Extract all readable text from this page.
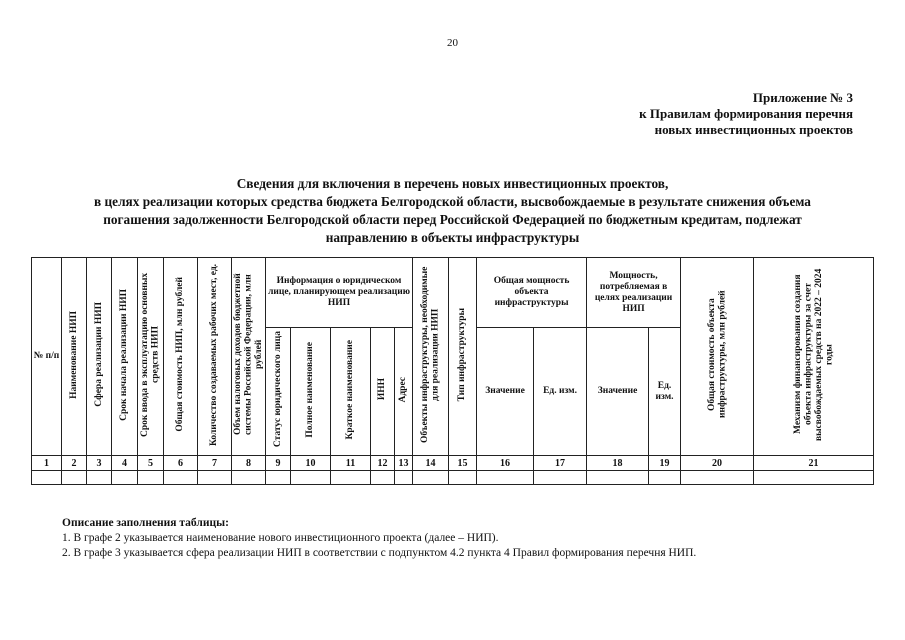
20
Приложение № 3
к Правилам формирования перечня
новых инвестиционных проектов
Сведения для включения в перечень новых инвестиционных проектов,
в целях реализации которых средства бюджета Белгородской области, высвобождаемые в результате снижения объема
погашения задолженности Белгородской области перед Российской Федерацией по бюджетным кредитам, подлежат
направлению в объекты инфраструктуры
№ п/п	Наименование НИП	Сфера реализации НИП	Срок начала реализации НИП	Срок ввода в эксплуатацию основных средств НИП	Общая стоимость НИП, млн рублей	Количество создаваемых рабочих мест, ед.	Объем налоговых доходов бюджетной системы Российской Федерации, млн рублей	Информация о юридическом лице, планирующем реализацию НИП					Объекты инфраструктуры, необходимые для реализации НИП	Тип инфраструктуры	Общая мощность объекта инфраструктуры		Мощность, потребляемая в целях реализации НИП		Общая стоимость объекта инфраструктуры, млн рублей	Механизм финансирования создания объекта инфраструктуры за счет высвобождаемых средств на 2022 – 2024 годы
								Статус юридического лица	Полное наименование	Краткое наименование	ИНН	Адрес			Значение	Ед. изм.	Значение	Ед. изм.		
1	2	3	4	5	6	7	8	9	10	11	12	13	14	15	16	17	18	19	20	21

Описание заполнения таблицы:
1. В графе 2 указывается наименование нового инвестиционного проекта (далее – НИП).
2. В графе 3 указывается сфера реализации НИП в соответствии с подпунктом 4.2 пункта 4 Правил формирования перечня НИП.
